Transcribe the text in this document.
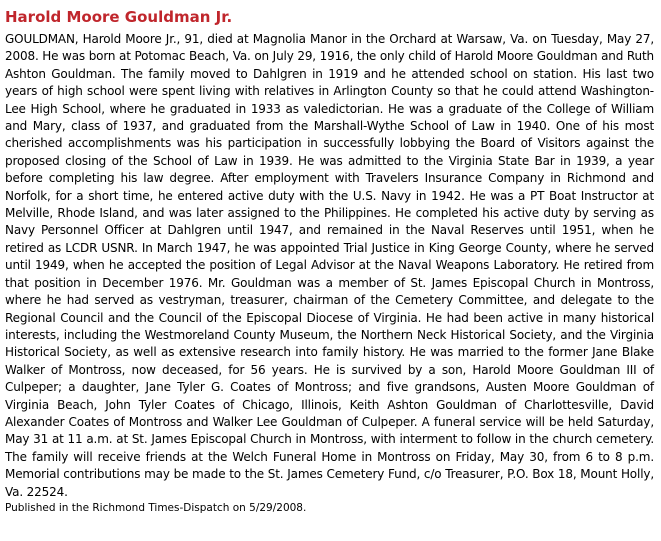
Harold Moore Gouldman Jr.

GOULDMAN, Harold Moore Jr., 91, died at Magnolia Manor in the Orchard at Warsaw, Va. on Tuesday, May 27, 2008. He was born at Potomac Beach, Va. on July 29, 1916, the only child of Harold Moore Gouldman and Ruth Ashton Gouldman. The family moved to Dahlgren in 1919 and he attended school on station. His last two years of high school were spent living with relatives in Arlington County so that he could attend Washington-Lee High School, where he graduated in 1933 as valedictorian. He was a graduate of the College of William and Mary, class of 1937, and graduated from the Marshall-Wythe School of Law in 1940. One of his most cherished accomplishments was his participation in successfully lobbying the Board of Visitors against the proposed closing of the School of Law in 1939. He was admitted to the Virginia State Bar in 1939, a year before completing his law degree. After employment with Travelers Insurance Company in Richmond and Norfolk, for a short time, he entered active duty with the U.S. Navy in 1942. He was a PT Boat Instructor at Melville, Rhode Island, and was later assigned to the Philippines. He completed his active duty by serving as Navy Personnel Officer at Dahlgren until 1947, and remained in the Naval Reserves until 1951, when he retired as LCDR USNR. In March 1947, he was appointed Trial Justice in King George County, where he served until 1949, when he accepted the position of Legal Advisor at the Naval Weapons Laboratory. He retired from that position in December 1976. Mr. Gouldman was a member of St. James Episcopal Church in Montross, where he had served as vestryman, treasurer, chairman of the Cemetery Committee, and delegate to the Regional Council and the Council of the Episcopal Diocese of Virginia. He had been active in many historical interests, including the Westmoreland County Museum, the Northern Neck Historical Society, and the Virginia Historical Society, as well as extensive research into family history. He was married to the former Jane Blake Walker of Montross, now deceased, for 56 years. He is survived by a son, Harold Moore Gouldman III of Culpeper; a daughter, Jane Tyler G. Coates of Montross; and five grandsons, Austen Moore Gouldman of Virginia Beach, John Tyler Coates of Chicago, Illinois, Keith Ashton Gouldman of Charlottesville, David Alexander Coates of Montross and Walker Lee Gouldman of Culpeper. A funeral service will be held Saturday, May 31 at 11 a.m. at St. James Episcopal Church in Montross, with interment to follow in the church cemetery. The family will receive friends at the Welch Funeral Home in Montross on Friday, May 30, from 6 to 8 p.m. Memorial contributions may be made to the St. James Cemetery Fund, c/o Treasurer, P.O. Box 18, Mount Holly, Va. 22524.

Published in the Richmond Times-Dispatch on 5/29/2008.
